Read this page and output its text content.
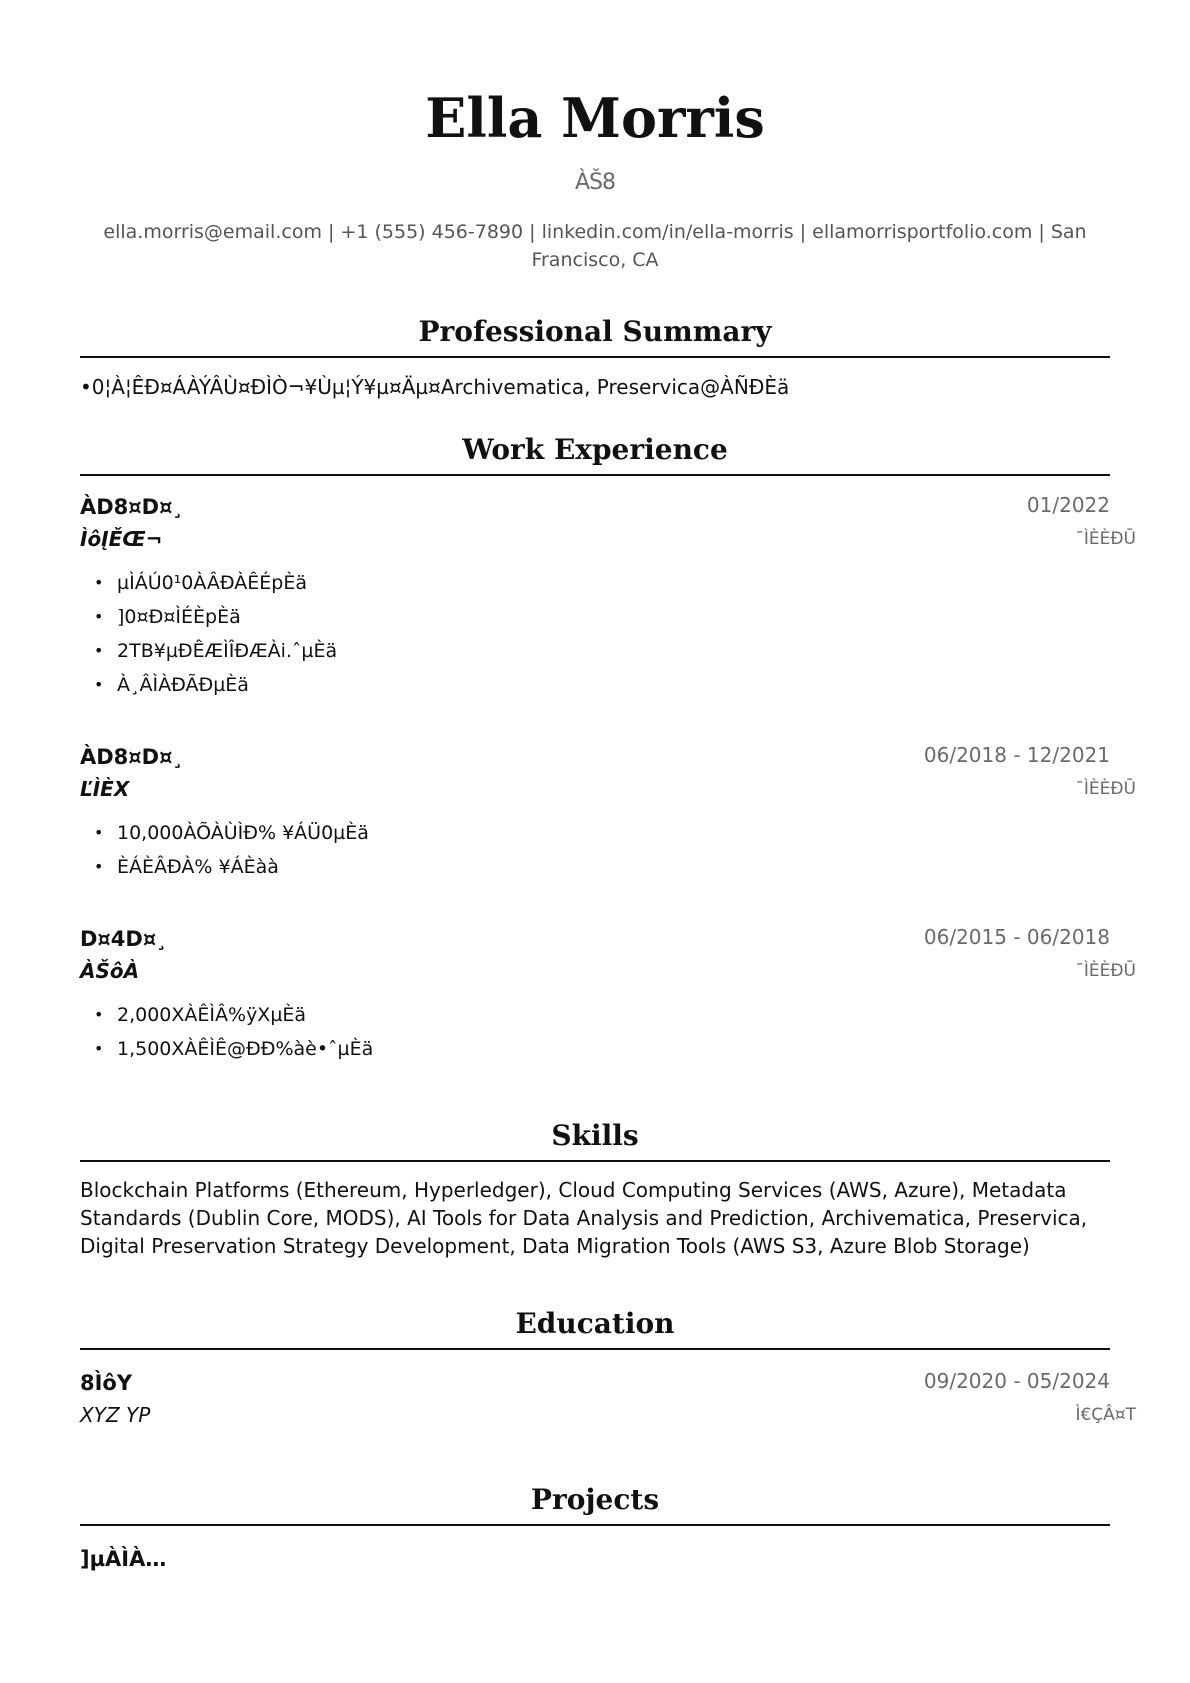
Ella Morris
ÀŠ8
ella.morris@email.com | +1 (555) 456-7890 | linkedin.com/in/ella-morris | ellamorrisportfolio.com | San Francisco, CA
Professional Summary
•0¦À¦ÊÐ¤ÁÀÝÂÙ¤ÐÌÒ¬¥Ùµ¦Ý¥µ¤Äµ¤Archivematica, Preservica@ÀÑÐÈä
Work Experience
ÀD8¤D¤¸	01/2022
ÌôĮĚŒ¬	¯ÌÈÈÐŪ
• µÌÁÚ0¹0ÀÂÐÀÊÉpÈä
• ]0¤Ð¤ÌÉÈpÈä
• 2TB¥µÐÊÆÌÎÐÆÀi.ˆµÈä
• À¸ÂÌÀÐÃÐµÈä
ÀD8¤D¤¸	06/2018 - 12/2021
ĽÌÈX	¯ÌÈÈÐŪ
• 10,000ÀÕÀÙÌÐ% ¥ÁÜ0µÈä
• ÈÁÈÂÐÀ% ¥ÁÈàà
D¤4D¤¸	06/2015 - 06/2018
ÀŠôÀ	¯ÌÈÈÐŪ
• 2,000XÀÊÌÂ%ÿXµÈä
• 1,500XÀÊÌÊ@ÐÐ%àè•ˆµÈä
Skills
Blockchain Platforms (Ethereum, Hyperledger), Cloud Computing Services (AWS, Azure), Metadata Standards (Dublin Core, MODS), AI Tools for Data Analysis and Prediction, Archivematica, Preservica, Digital Preservation Strategy Development, Data Migration Tools (AWS S3, Azure Blob Storage)
Education
8ÌôY	09/2020 - 05/2024
XYZ YP	Ì€ÇÂ¤T
Projects
]µÀÌÀ…
